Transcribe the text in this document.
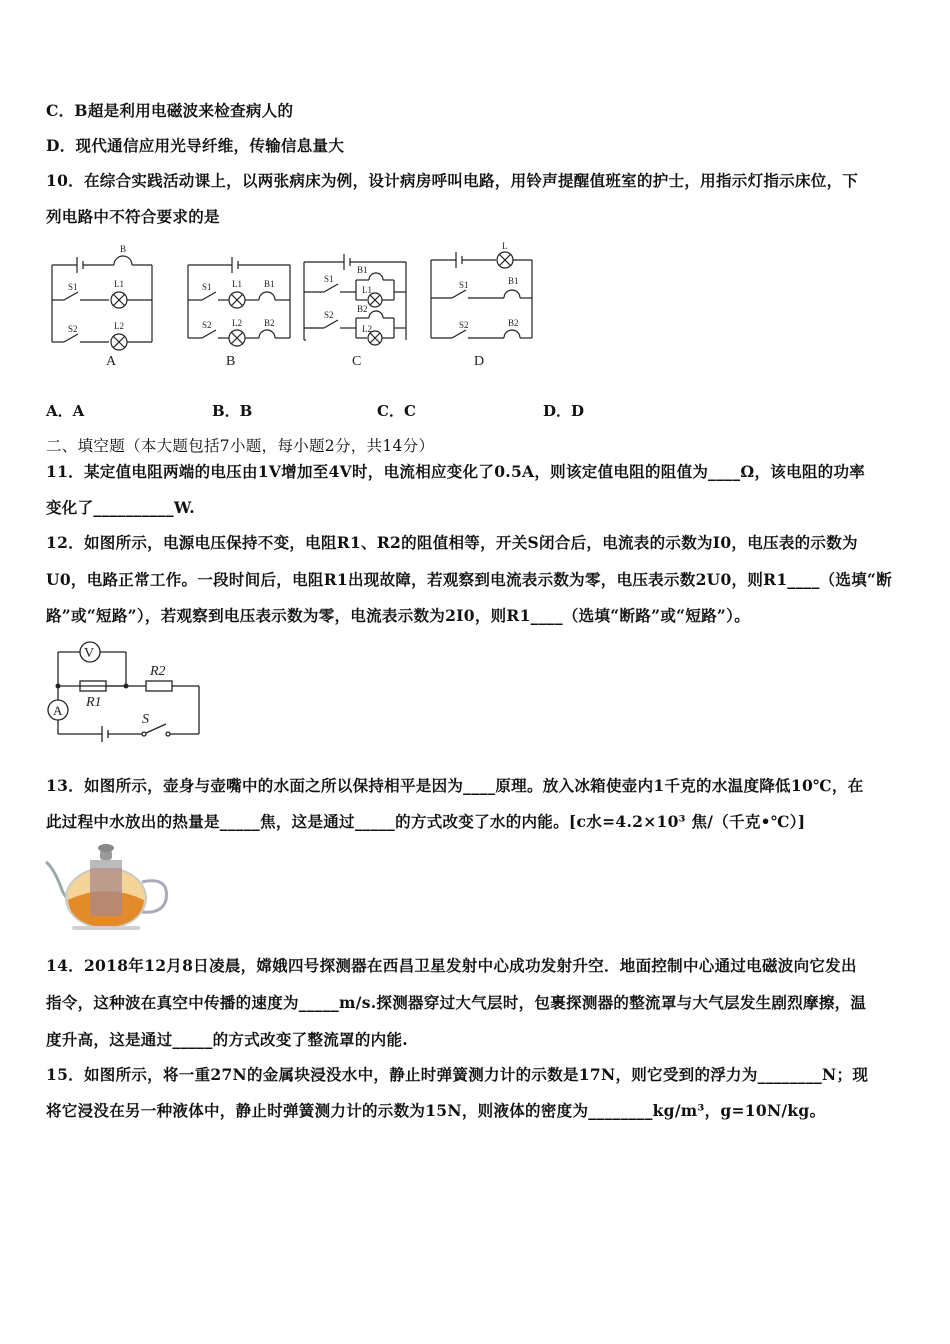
C．B超是利用电磁波来检查病人的
D．现代通信应用光导纤维，传输信息量大
10．在综合实践活动课上，以两张病床为例，设计病房呼叫电路，用铃声提醒值班室的护士，用指示灯指示床位，下
列电路中不符合要求的是
B
S1	L1
S2	L2
S1 L1 B1
S2 L2 B2
S1
B1
L1
S2
B2
L2
L
S1	B1
S2	B2
A	B	C	D
A．A	B．B	C．C	D．D
二、填空题（本大题包括7小题，每小题2分，共14分）
11．某定值电阻两端的电压由1V增加至4V时，电流相应变化了0.5A，则该定值电阻的阻值为____Ω，该电阻的功率
变化了__________W.
12．如图所示，电源电压保持不变，电阻R1、R2的阻值相等，开关S闭合后，电流表的示数为I0，电压表的示数为
U0，电路正常工作。一段时间后，电阻R1出现故障，若观察到电流表示数为零，电压表示数2U0，则R1____（选填“断
路”或“短路”），若观察到电压表示数为零，电流表示数为2I0，则R1____（选填“断路”或“短路”）。
V
A
R1
R2
S
13．如图所示，壶身与壶嘴中的水面之所以保持相平是因为____原理。放入冰箱使壶内1千克的水温度降低10℃，在
此过程中水放出的热量是_____焦，这是通过_____的方式改变了水的内能。[c水=4.2×10³ 焦/（千克•℃）]
14．2018年12月8日凌晨，嫦娥四号探测器在西昌卫星发射中心成功发射升空．地面控制中心通过电磁波向它发出
指令，这种波在真空中传播的速度为_____m/s.探测器穿过大气层时，包裹探测器的整流罩与大气层发生剧烈摩擦，温
度升高，这是通过_____的方式改变了整流罩的内能.
15．如图所示，将一重27N的金属块浸没水中，静止时弹簧测力计的示数是17N，则它受到的浮力为________N；现
将它浸没在另一种液体中，静止时弹簧测力计的示数为15N，则液体的密度为________kg/m³，g=10N/kg。
